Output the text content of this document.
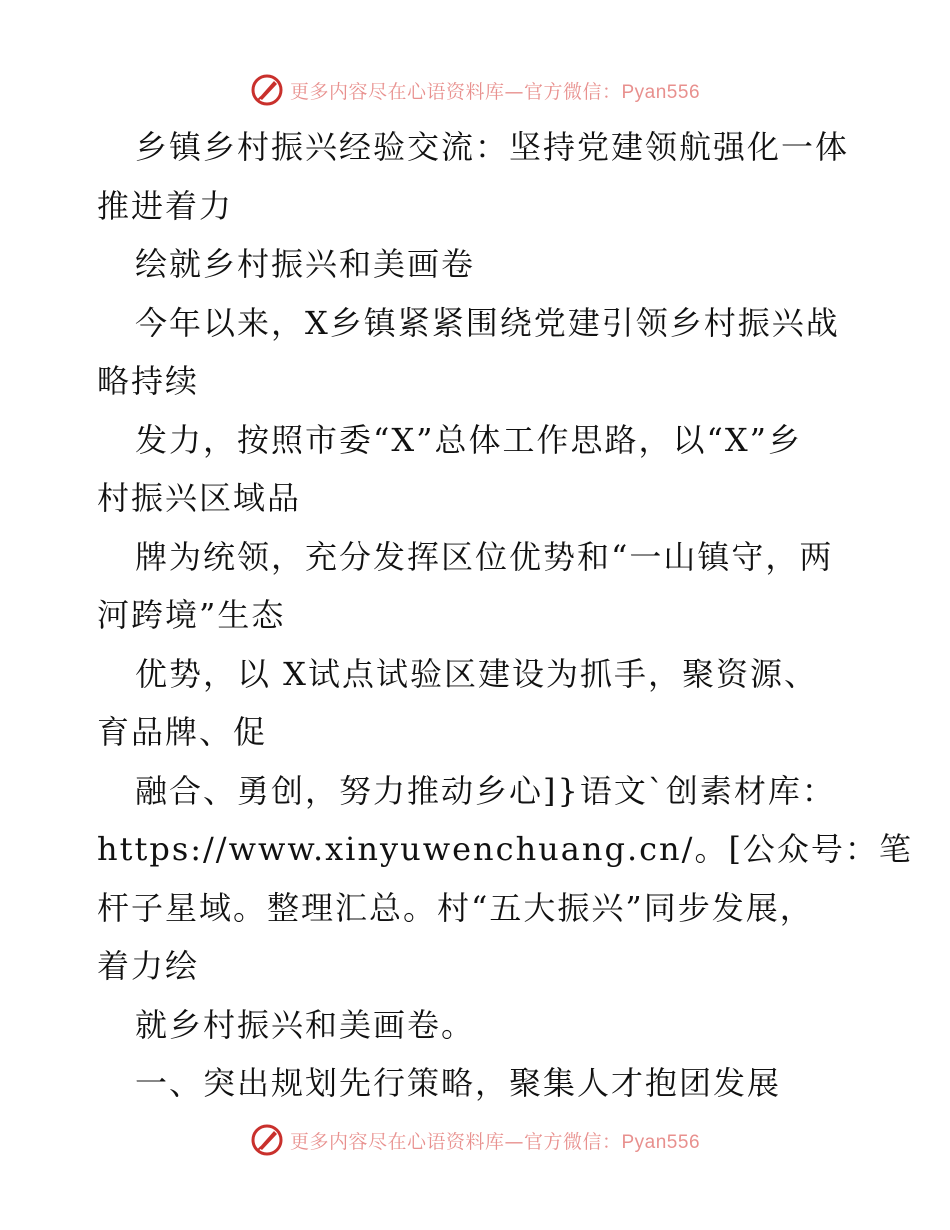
更多内容尽在心语资料库—官方微信：Pyan556
乡镇乡村振兴经验交流：坚持党建领航强化一体
推进着力
绘就乡村振兴和美画卷
今年以来，X乡镇紧紧围绕党建引领乡村振兴战
略持续
发力，按照市委“X”总体工作思路，以“X”乡
村振兴区域品
牌为统领，充分发挥区位优势和“一山镇守，两
河跨境”生态
优势，以 X试点试验区建设为抓手，聚资源、
育品牌、促
融合、勇创，努力推动乡心]}语文`创素材库：
https://www.xinyuwenchuang.cn/。[公众号：笔
杆子星域。整理汇总。村“五大振兴”同步发展，
着力绘
就乡村振兴和美画卷。
一、突出规划先行策略，聚集人才抱团发展
更多内容尽在心语资料库—官方微信：Pyan556
